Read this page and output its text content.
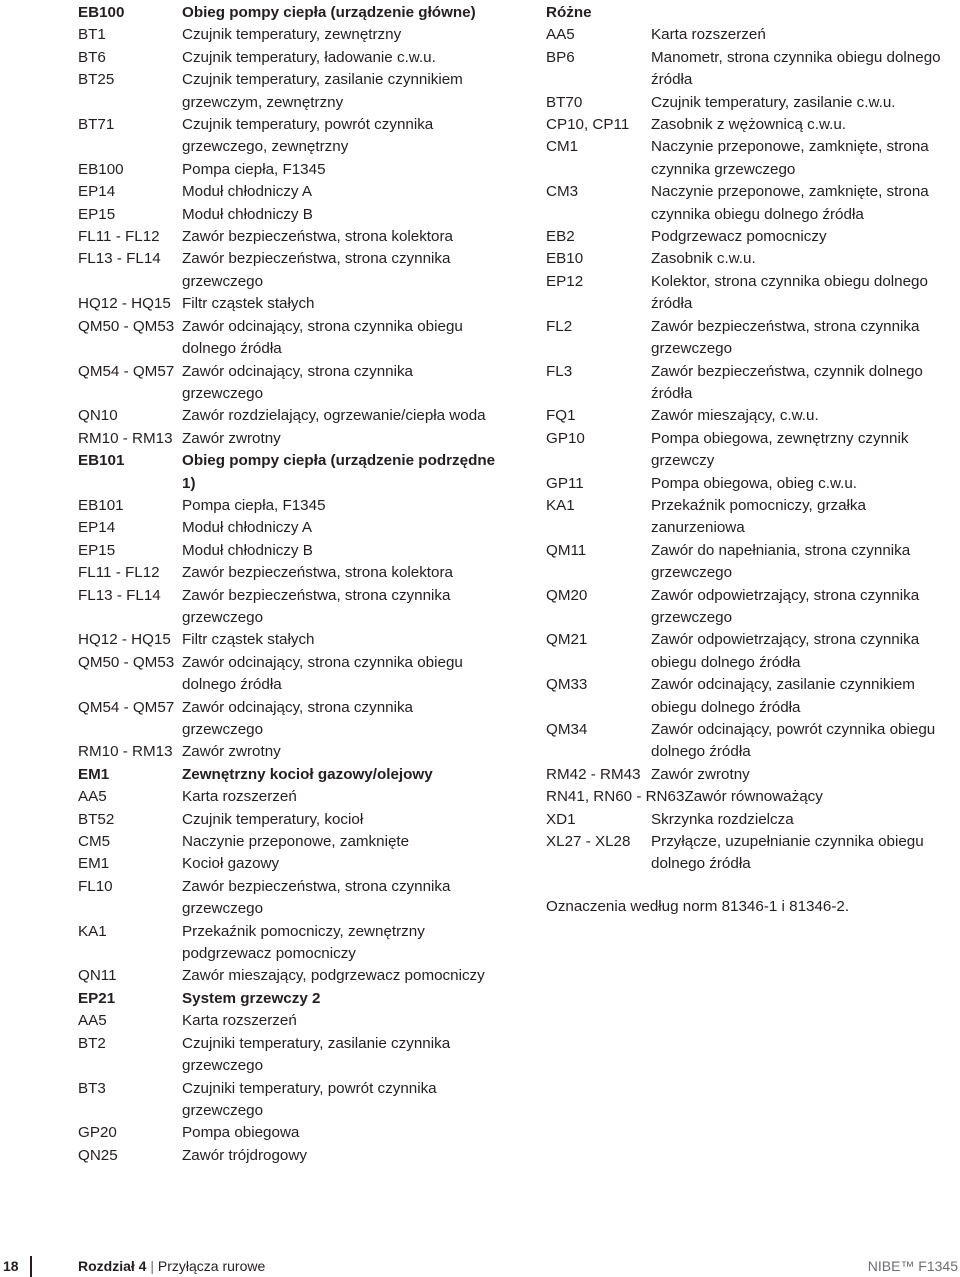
EB100	Obieg pompy ciepła (urządzenie główne)
BT1	Czujnik temperatury, zewnętrzny
BT6	Czujnik temperatury, ładowanie c.w.u.
BT25	Czujnik temperatury, zasilanie czynnikiem grzewczym, zewnętrzny
BT71	Czujnik temperatury, powrót czynnika grzewczego, zewnętrzny
EB100	Pompa ciepła, F1345
EP14	Moduł chłodniczy A
EP15	Moduł chłodniczy B
FL11 - FL12	Zawór bezpieczeństwa, strona kolektora
FL13 - FL14	Zawór bezpieczeństwa, strona czynnika grzewczego
HQ12 - HQ15 Filtr cząstek stałych
QM50 - QM53 Zawór odcinający, strona czynnika obiegu dolnego źródła
QM54 - QM57 Zawór odcinający, strona czynnika grzewczego
QN10	Zawór rozdzielający, ogrzewanie/ciepła woda
RM10 - RM13 Zawór zwrotny
EB101	Obieg pompy ciepła (urządzenie podrzędne 1)
EB101	Pompa ciepła, F1345
EP14	Moduł chłodniczy A
EP15	Moduł chłodniczy B
FL11 - FL12	Zawór bezpieczeństwa, strona kolektora
FL13 - FL14	Zawór bezpieczeństwa, strona czynnika grzewczego
HQ12 - HQ15 Filtr cząstek stałych
QM50 - QM53 Zawór odcinający, strona czynnika obiegu dolnego źródła
QM54 - QM57 Zawór odcinający, strona czynnika grzewczego
RM10 - RM13 Zawór zwrotny
EM1	Zewnętrzny kocioł gazowy/olejowy
AA5	Karta rozszerzeń
BT52	Czujnik temperatury, kocioł
CM5	Naczynie przeponowe, zamknięte
EM1	Kocioł gazowy
FL10	Zawór bezpieczeństwa, strona czynnika grzewczego
KA1	Przekaźnik pomocniczy, zewnętrzny podgrzewacz pomocniczy
QN11	Zawór mieszający, podgrzewacz pomocniczy
EP21	System grzewczy 2
AA5	Karta rozszerzeń
BT2	Czujniki temperatury, zasilanie czynnika grzewczego
BT3	Czujniki temperatury, powrót czynnika grzewczego
GP20	Pompa obiegowa
QN25	Zawór trójdrogowy
Różne
AA5	Karta rozszerzeń
BP6	Manometr, strona czynnika obiegu dolnego źródła
BT70	Czujnik temperatury, zasilanie c.w.u.
CP10, CP11	Zasobnik z wężownicą c.w.u.
CM1	Naczynie przeponowe, zamknięte, strona czynnika grzewczego
CM3	Naczynie przeponowe, zamknięte, strona czynnika obiegu dolnego źródła
EB2	Podgrzewacz pomocniczy
EB10	Zasobnik c.w.u.
EP12	Kolektor, strona czynnika obiegu dolnego źródła
FL2	Zawór bezpieczeństwa, strona czynnika grzewczego
FL3	Zawór bezpieczeństwa, czynnik dolnego źródła
FQ1	Zawór mieszający, c.w.u.
GP10	Pompa obiegowa, zewnętrzny czynnik grzewczy
GP11	Pompa obiegowa, obieg c.w.u.
KA1	Przekaźnik pomocniczy, grzałka zanurzeniowa
QM11	Zawór do napełniania, strona czynnika grzewczego
QM20	Zawór odpowietrzający, strona czynnika grzewczego
QM21	Zawór odpowietrzający, strona czynnika obiegu dolnego źródła
QM33	Zawór odcinający, zasilanie czynnikiem obiegu dolnego źródła
QM34	Zawór odcinający, powrót czynnika obiegu dolnego źródła
RM42 - RM43 Zawór zwrotny
RN41, RN60 - RN63 Zawór równoważący
XD1	Skrzynka rozdzielcza
XL27 - XL28	Przyłącze, uzupełnianie czynnika obiegu dolnego źródła
Oznaczenia według norm 81346-1 i 81346-2.
18	Rozdział 4 | Przyłącza rurowe	NIBE™ F1345
